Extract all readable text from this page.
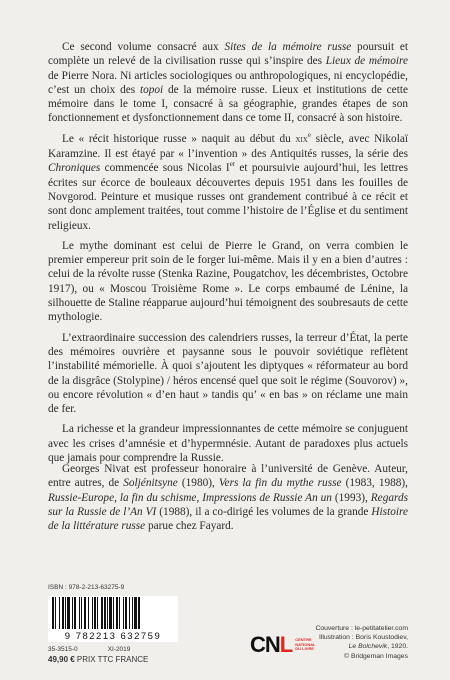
Ce second volume consacré aux Sites de la mémoire russe poursuit et complète un relevé de la civilisation russe qui s’inspire des Lieux de mémoire de Pierre Nora. Ni articles sociologiques ou anthropologiques, ni encyclopédie, c’est un choix des topoi de la mémoire russe. Lieux et institutions de cette mémoire dans le tome I, consacré à sa géographie, grandes étapes de son fonctionnement et dysfonctionnement dans ce tome II, consacré à son histoire.

Le « récit historique russe » naquit au début du xix$^e$ siècle, avec Nikolaï Karamzine. Il est étayé par « l’invention » des Antiquités russes, la série des Chroniques commencée sous Nicolas Ier et poursuivie aujourd’hui, les lettres écrites sur écorce de bouleaux découvertes depuis 1951 dans les fouilles de Novgorod. Peinture et musique russes ont grandement contribué à ce récit et sont donc amplement traitées, tout comme l’histoire de l’Église et du sentiment religieux.

Le mythe dominant est celui de Pierre le Grand, on verra combien le premier empereur prit soin de le forger lui-même. Mais il y en a bien d’autres : celui de la révolte russe (Stenka Razine, Pougatchov, les décembristes, Octobre 1917), ou « Moscou Troisième Rome ». Le corps embaumé de Lénine, la silhouette de Staline réapparue aujourd’hui témoignent des soubresauts de cette mythologie.

L’extraordinaire succession des calendriers russes, la terreur d’État, la perte des mémoires ouvrière et paysanne sous le pouvoir soviétique reflètent l’instabilité mémorielle. À quoi s’ajoutent les diptyques « réformateur au bord de la disgrâce (Stolypine) / héros encensé quel que soit le régime (Souvorov) », ou encore révolution « d’en haut » tandis qu’ « en bas » on réclame une main de fer.

La richesse et la grandeur impressionnantes de cette mémoire se conjuguent avec les crises d’amnésie et d’hypermnésie. Autant de paradoxes plus actuels que jamais pour comprendre la Russie.

Georges Nivat est professeur honoraire à l’université de Genève. Auteur, entre autres, de Soljénitsyne (1980), Vers la fin du mythe russe (1983, 1988), Russie-Europe, la fin du schisme, Impressions de Russie An un (1993), Regards sur la Russie de l’An VI (1988), il a co-dirigé les volumes de la grande Histoire de la littérature russe parue chez Fayard.

ISBN : 978-2-213-63275-9
9 782213 632759
35-3515-0	XI-2019
49,90 € PRIX TTC FRANCE
CNL CENTRE
NATIONAL
DU LIVRE
Couverture : le-petitatelier.com
Illustration : Boris Koustodiev,
Le Bolchevik, 1920.
© Bridgeman Images
